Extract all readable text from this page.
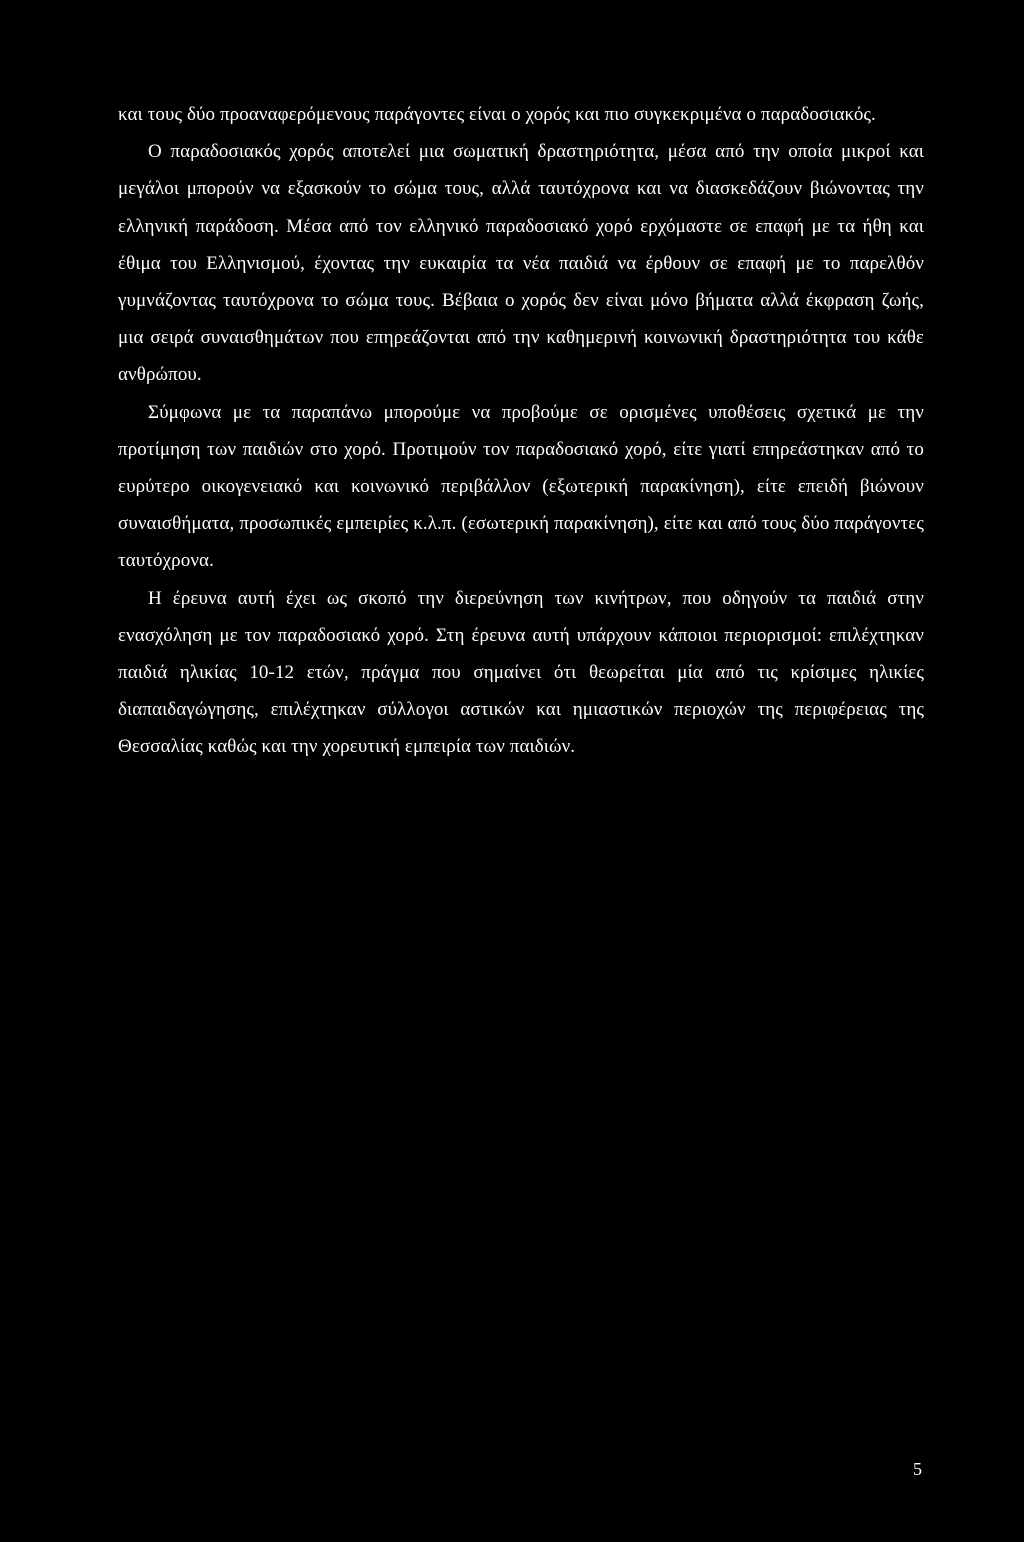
και τους δύο προαναφερόμενους παράγοντες είναι ο χορός και πιο συγκεκριμένα ο παραδοσιακός.

Ο παραδοσιακός χορός αποτελεί μια σωματική δραστηριότητα, μέσα από την οποία μικροί και μεγάλοι μπορούν να εξασκούν το σώμα τους, αλλά ταυτόχρονα και να διασκεδάζουν βιώνοντας την ελληνική παράδοση. Μέσα από τον ελληνικό παραδοσιακό χορό ερχόμαστε σε επαφή με τα ήθη και έθιμα του Ελληνισμού, έχοντας την ευκαιρία τα νέα παιδιά να έρθουν σε επαφή με το παρελθόν γυμνάζοντας ταυτόχρονα το σώμα τους. Βέβαια ο χορός δεν είναι μόνο βήματα αλλά έκφραση ζωής, μια σειρά συναισθημάτων που επηρεάζονται από την καθημερινή κοινωνική δραστηριότητα του κάθε ανθρώπου.

Σύμφωνα με τα παραπάνω μπορούμε να προβούμε σε ορισμένες υποθέσεις σχετικά με την προτίμηση των παιδιών στο χορό. Προτιμούν τον παραδοσιακό χορό, είτε γιατί επηρεάστηκαν από το ευρύτερο οικογενειακό και κοινωνικό περιβάλλον (εξωτερική παρακίνηση), είτε επειδή βιώνουν συναισθήματα, προσωπικές εμπειρίες κ.λ.π. (εσωτερική παρακίνηση), είτε και από τους δύο παράγοντες ταυτόχρονα.

Η έρευνα αυτή έχει ως σκοπό την διερεύνηση των κινήτρων, που οδηγούν τα παιδιά στην ενασχόληση με τον παραδοσιακό χορό. Στη έρευνα αυτή υπάρχουν κάποιοι περιορισμοί: επιλέχτηκαν παιδιά ηλικίας 10-12 ετών, πράγμα που σημαίνει ότι θεωρείται μία από τις κρίσιμες ηλικίες διαπαιδαγώγησης, επιλέχτηκαν σύλλογοι αστικών και ημιαστικών περιοχών της περιφέρειας της Θεσσαλίας καθώς και την χορευτική εμπειρία των παιδιών.

5
